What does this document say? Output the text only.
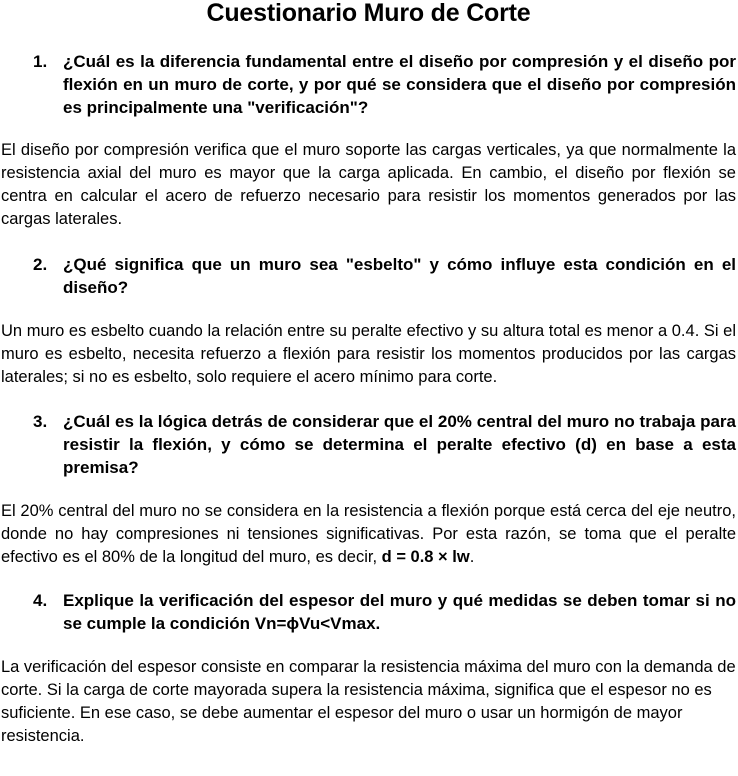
Cuestionario Muro de Corte
1. ¿Cuál es la diferencia fundamental entre el diseño por compresión y el diseño por flexión en un muro de corte, y por qué se considera que el diseño por compresión es principalmente una "verificación"?

El diseño por compresión verifica que el muro soporte las cargas verticales, ya que normalmente la resistencia axial del muro es mayor que la carga aplicada. En cambio, el diseño por flexión se centra en calcular el acero de refuerzo necesario para resistir los momentos generados por las cargas laterales.

2. ¿Qué significa que un muro sea "esbelto" y cómo influye esta condición en el diseño?

Un muro es esbelto cuando la relación entre su peralte efectivo y su altura total es menor a 0.4. Si el muro es esbelto, necesita refuerzo a flexión para resistir los momentos producidos por las cargas laterales; si no es esbelto, solo requiere el acero mínimo para corte.

3. ¿Cuál es la lógica detrás de considerar que el 20% central del muro no trabaja para resistir la flexión, y cómo se determina el peralte efectivo (d) en base a esta premisa?

El 20% central del muro no se considera en la resistencia a flexión porque está cerca del eje neutro, donde no hay compresiones ni tensiones significativas. Por esta razón, se toma que el peralte efectivo es el 80% de la longitud del muro, es decir, d = 0.8 × lw.

4. Explique la verificación del espesor del muro y qué medidas se deben tomar si no se cumple la condición Vn=ϕVu<Vmax.

La verificación del espesor consiste en comparar la resistencia máxima del muro con la demanda de corte. Si la carga de corte mayorada supera la resistencia máxima, significa que el espesor no es suficiente. En ese caso, se debe aumentar el espesor del muro o usar un hormigón de mayor resistencia.
